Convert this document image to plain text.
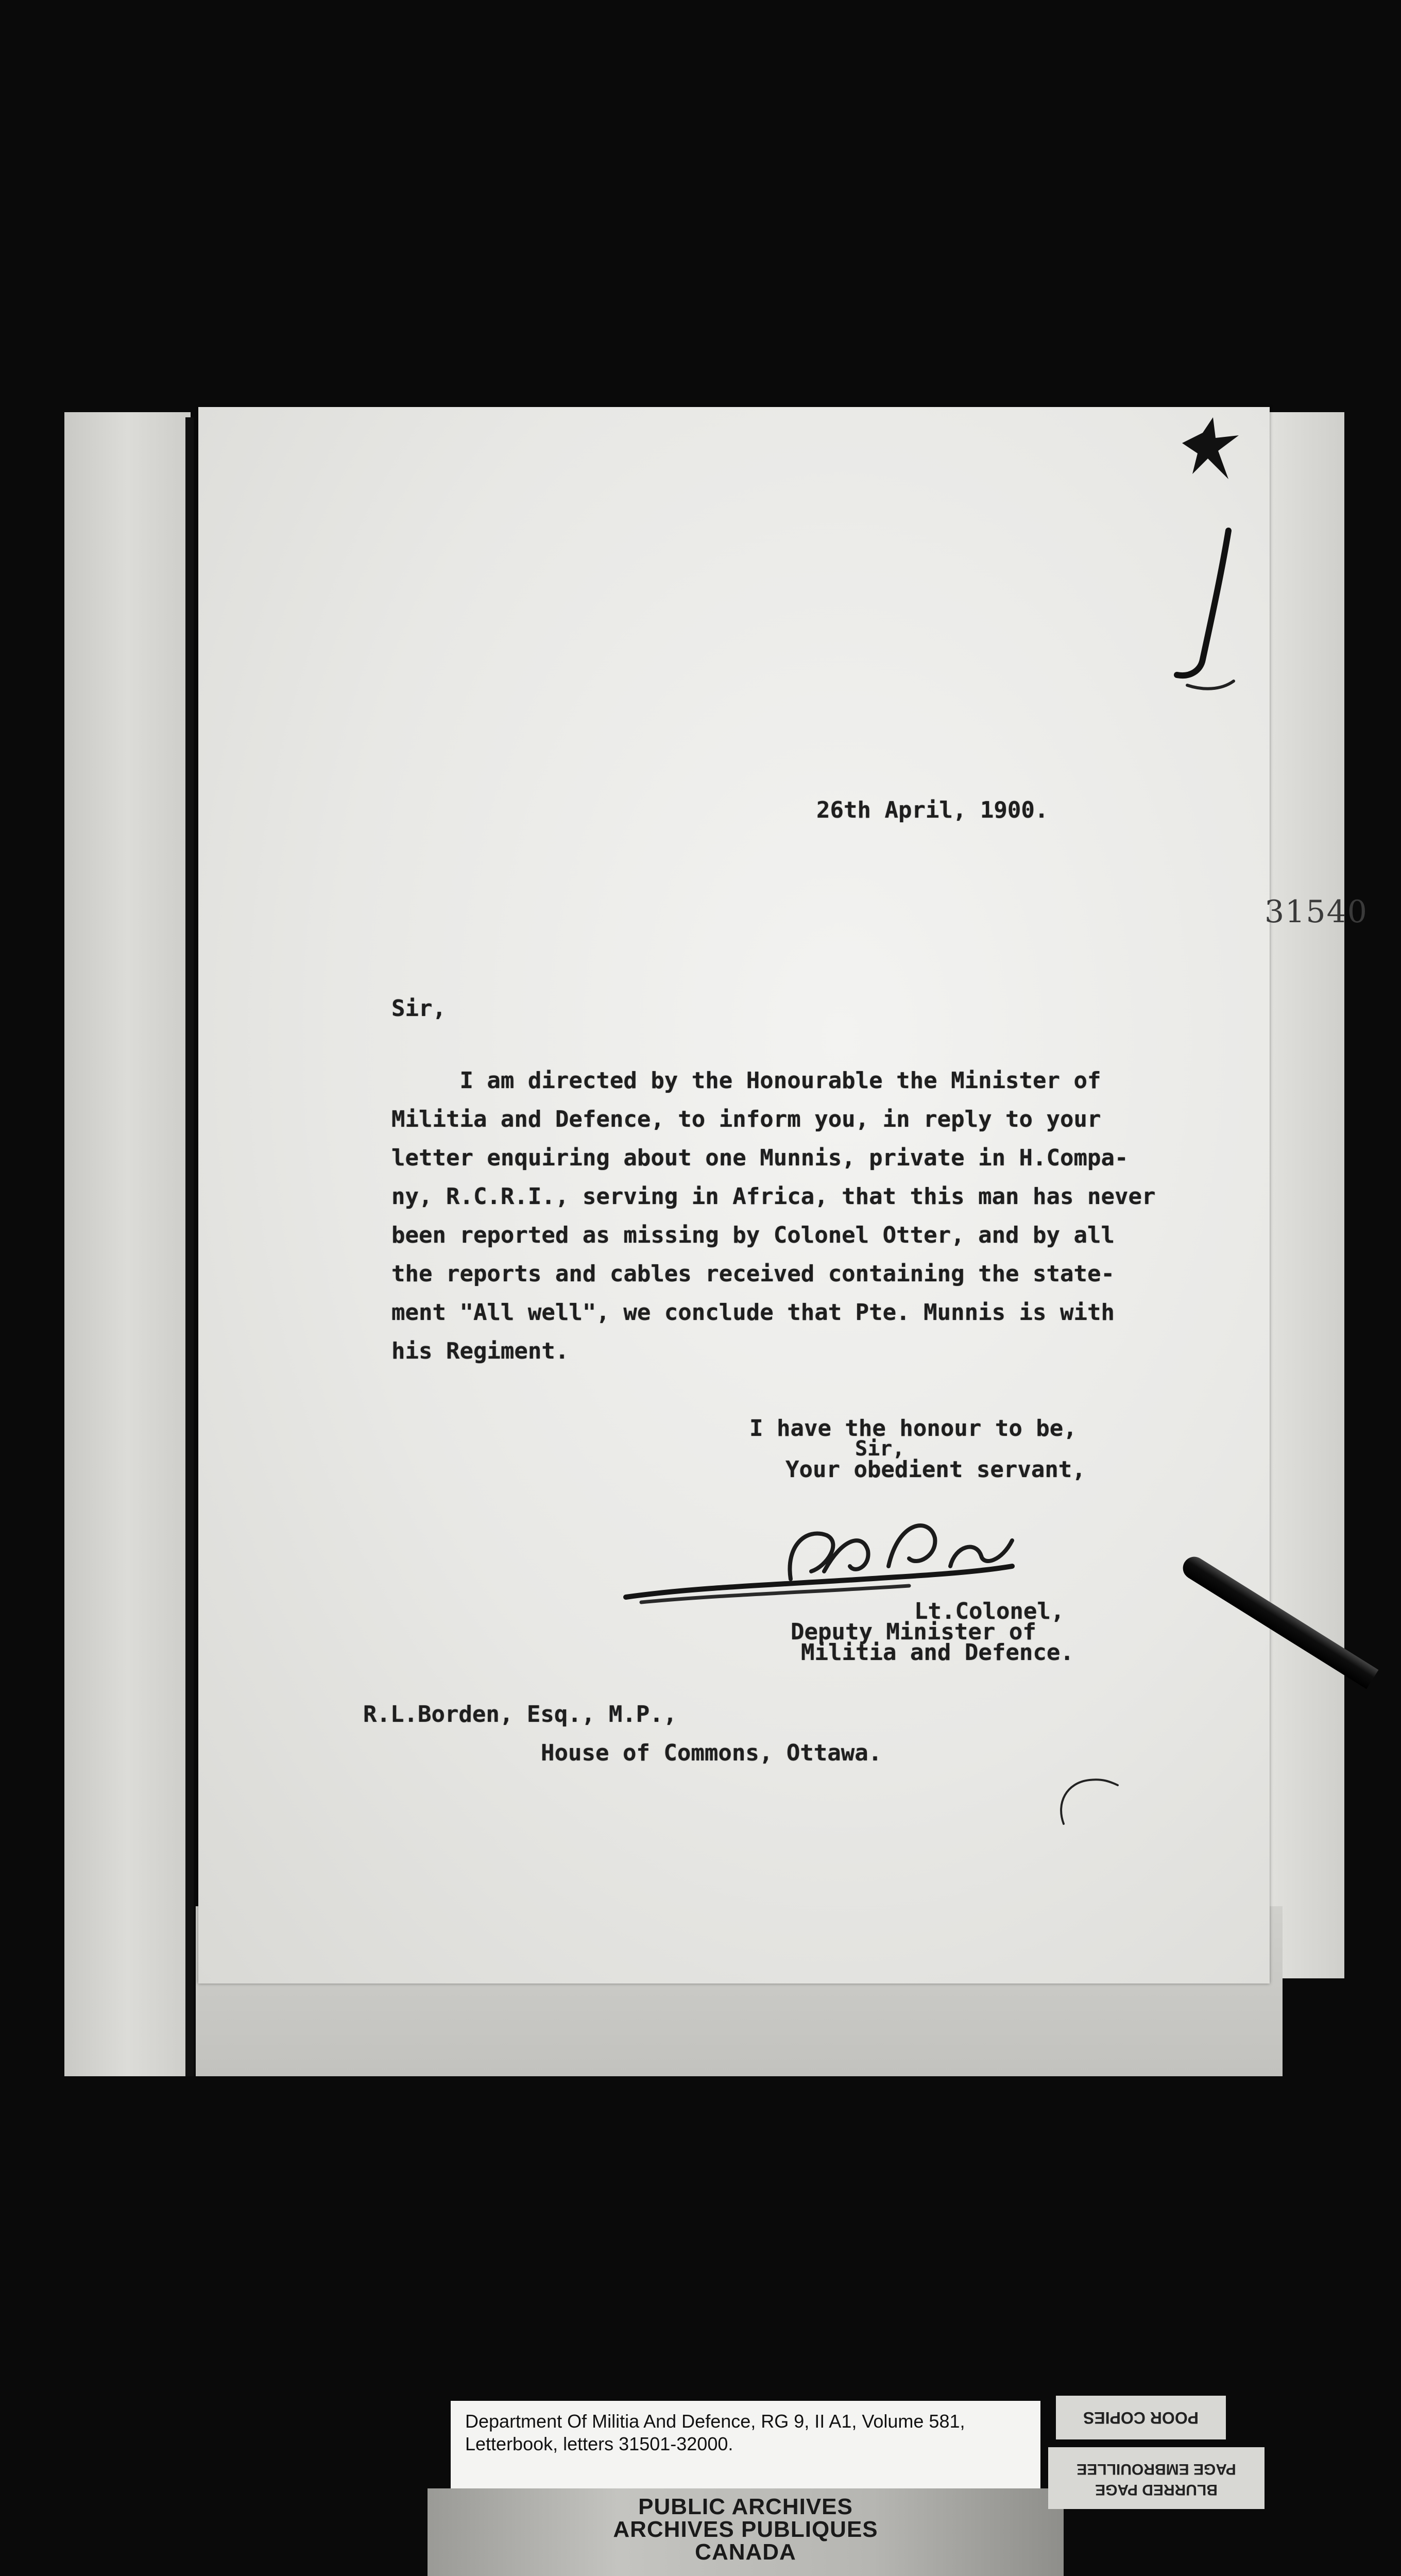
31540
26th April, 1900.
Sir,
I am directed by the Honourable the Minister of
Militia and Defence, to inform you, in reply to your
letter enquiring about one Munnis, private in H.Compa-
ny, R.C.R.I., serving in Africa, that this man has never
been reported as missing by Colonel Otter, and by all
the reports and cables received containing the state-
ment "All well", we conclude that Pte. Munnis is with
his Regiment.
I have the honour to be,
Sir,
Your obedient servant,
Lt.Colonel,
Deputy Minister of
Militia and Defence.
R.L.Borden, Esq., M.P.,
House of Commons, Ottawa.
Department Of Militia And Defence, RG 9, II A1, Volume 581,
Letterbook, letters 31501-32000.
PUBLIC ARCHIVES
ARCHIVES PUBLIQUES
CANADA
POOR COPIES
BLURRED PAGE
PAGE EMBROUILLEE
